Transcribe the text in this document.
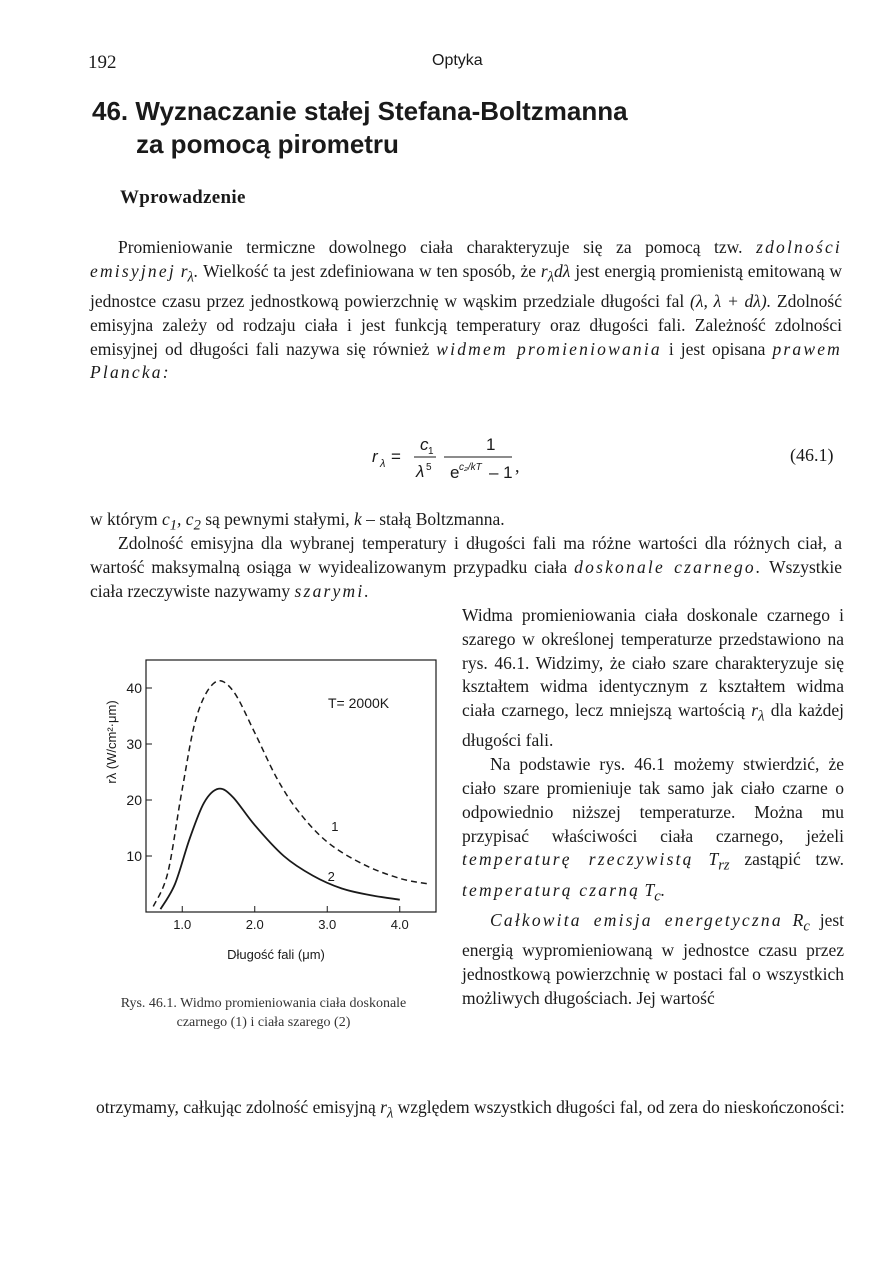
192	Optyka
46. Wyznaczanie stałej Stefana-Boltzmanna
za pomocą pirometru
Wprowadzenie

Promieniowanie termiczne dowolnego ciała charakteryzuje się za pomocą tzw. zdolności emisyjnej $r_\lambda$. Wielkość ta jest zdefiniowana w ten sposób, że $r_\lambda d\lambda$ jest energią promienistą emitowaną w jednostce czasu przez jednostkową powierzchnię w wąskim przedziale długości fal (λ, λ + dλ). Zdolność emisyjna zależy od rodzaju ciała i jest funkcją temperatury oraz długości fali. Zależność zdolności emisyjnej od długości fali nazywa się również widmem promieniowania i jest opisana prawem Plancka:

r λ =
c 1
λ 5
1
e c₂/kT – 1 ,
(46.1)
w którym $c_1$, $c_2$ są pewnymi stałymi, k – stałą Boltzmanna.

Zdolność emisyjna dla wybranej temperatury i długości fali ma różne wartości dla różnych ciał, a wartość maksymalną osiąga w wyidealizowanym przypadku ciała doskonale czarnego. Wszystkie ciała rzeczywiste nazywamy szarymi.

10
20
30
40
1.0	2.0	3.0	4.0
rλ (W/cm²·μm)
Długość fali (μm)
T= 2000K
1
2
Rys. 46.1. Widmo promieniowania ciała doskonale czarnego (1) i ciała szarego (2)

Widma promieniowania ciała doskonale czarnego i szarego w określonej temperaturze przedstawiono na rys. 46.1. Widzimy, że ciało szare charakteryzuje się kształtem widma identycznym z kształtem widma ciała czarnego, lecz mniejszą wartością $r_\lambda$ dla każdej długości fali.

Na podstawie rys. 46.1 możemy stwierdzić, że ciało szare promieniuje tak samo jak ciało czarne o odpowiednio niższej temperaturze. Można mu przypisać właściwości ciała czarnego, jeżeli temperaturę rzeczywistą $T_{rz}$ zastąpić tzw. temperaturą czarną $T_c$.

Całkowita emisja energetyczna $R_c$ jest energią wypromieniowaną w jednostce czasu przez jednostkową powierzchnię w postaci fal o wszystkich możliwych długościach. Jej wartość

otrzymamy, całkując zdolność emisyjną $r_\lambda$ względem wszystkich długości fal, od zera do nieskończoności:
